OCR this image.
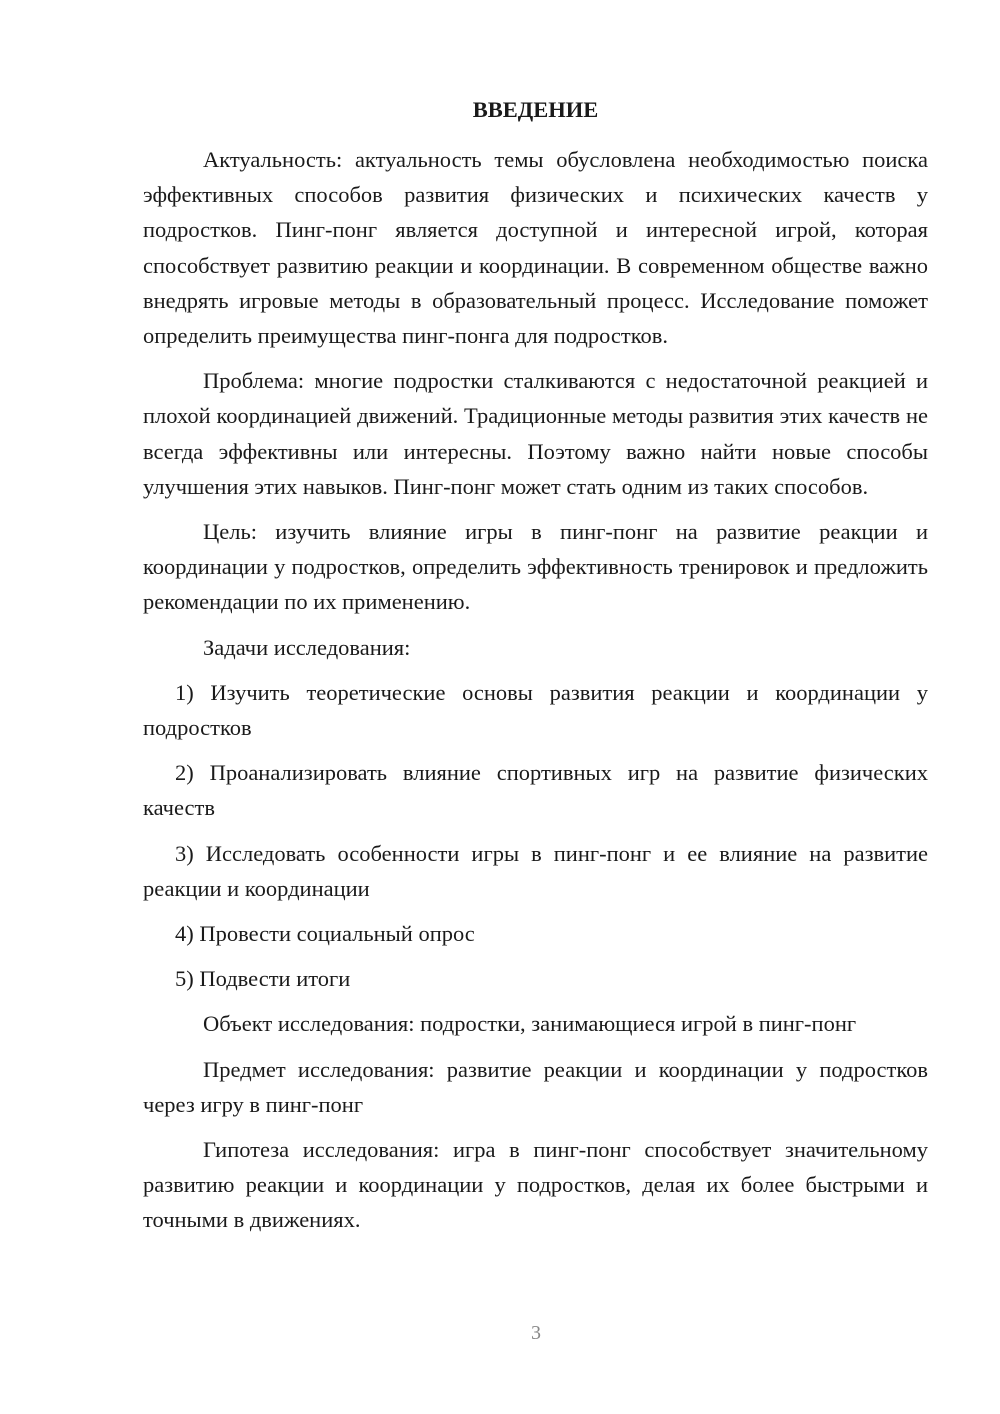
ВВЕДЕНИЕ

Актуальность: актуальность темы обусловлена необходимостью поиска эффективных способов развития физических и психических качеств у подростков. Пинг-понг является доступной и интересной игрой, которая способствует развитию реакции и координации. В современном обществе важно внедрять игровые методы в образовательный процесс. Исследование поможет определить преимущества пинг-понга для подростков.

Проблема: многие подростки сталкиваются с недостаточной реакцией и плохой координацией движений. Традиционные методы развития этих качеств не всегда эффективны или интересны. Поэтому важно найти новые способы улучшения этих навыков. Пинг-понг может стать одним из таких способов.

Цель: изучить влияние игры в пинг-понг на развитие реакции и координации у подростков, определить эффективность тренировок и предложить рекомендации по их применению.

Задачи исследования:

1) Изучить теоретические основы развития реакции и координации у подростков

2) Проанализировать влияние спортивных игр на развитие физических качеств

3) Исследовать особенности игры в пинг-понг и ее влияние на развитие реакции и координации

4) Провести социальный опрос

5) Подвести итоги

Объект исследования: подростки, занимающиеся игрой в пинг-понг

Предмет исследования: развитие реакции и координации у подростков через игру в пинг-понг

Гипотеза исследования: игра в пинг-понг способствует значительному развитию реакции и координации у подростков, делая их более быстрыми и точными в движениях.

3
